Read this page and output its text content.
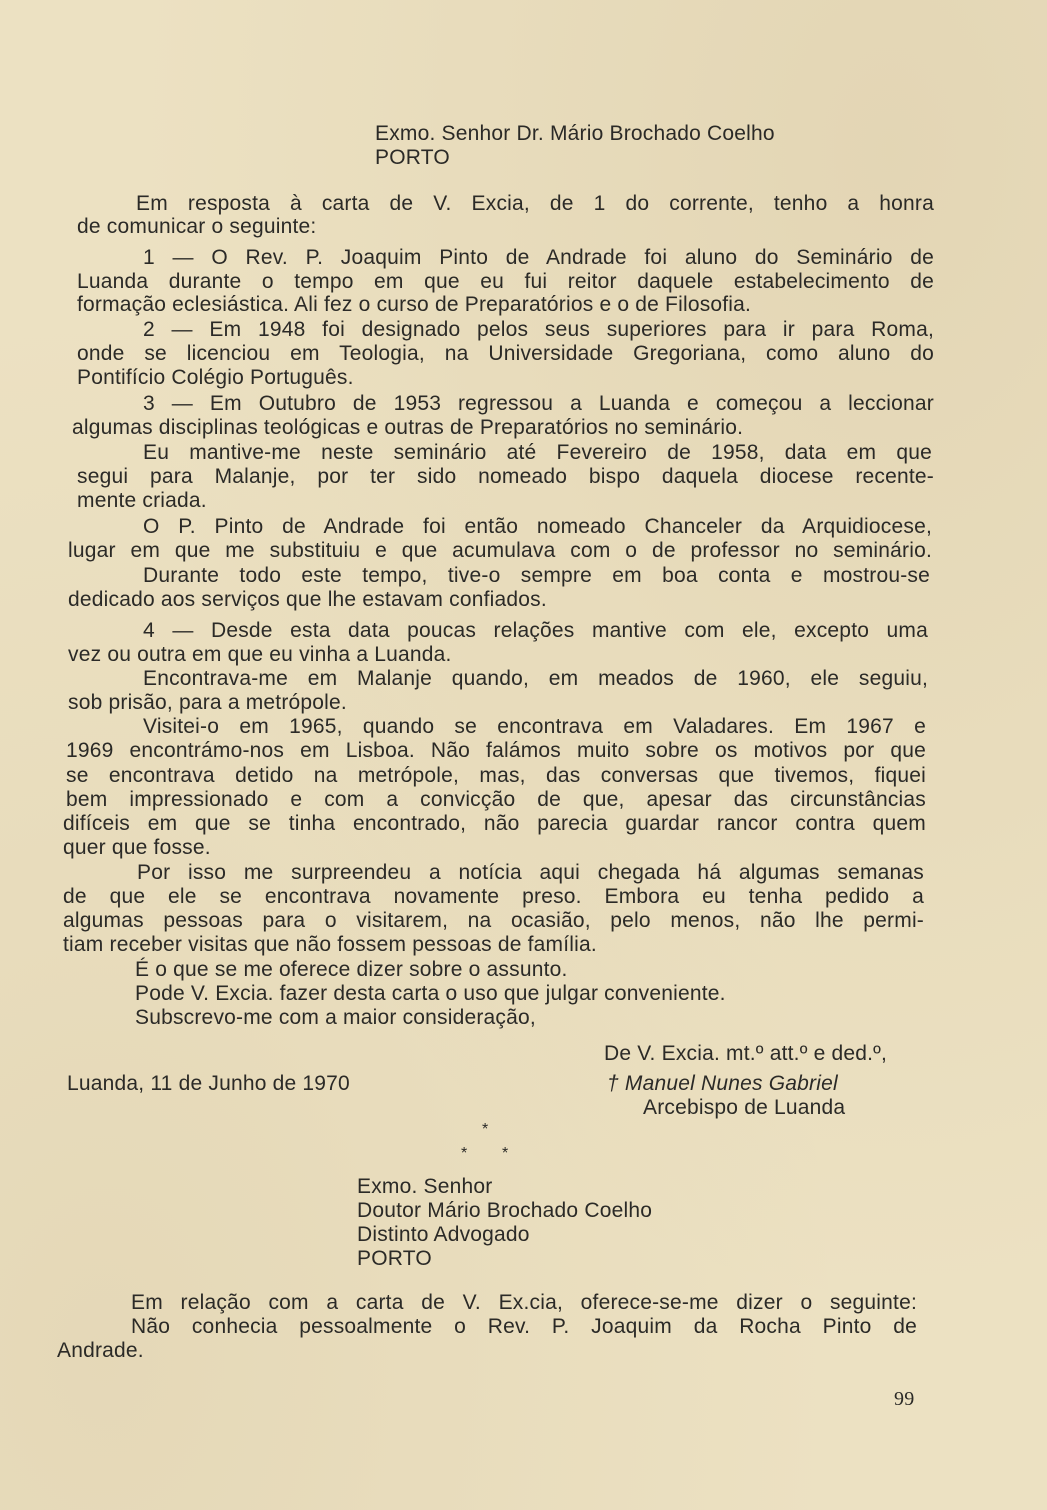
Exmo. Senhor Dr. Mário Brochado Coelho
PORTO
Em resposta à carta de V. Excia, de 1 do corrente, tenho a honra
de comunicar o seguinte:
1 — O Rev. P. Joaquim Pinto de Andrade foi aluno do Seminário de
Luanda durante o tempo em que eu fui reitor daquele estabelecimento de
formação eclesiástica. Ali fez o curso de Preparatórios e o de Filosofia.
2 — Em 1948 foi designado pelos seus superiores para ir para Roma,
onde se licenciou em Teologia, na Universidade Gregoriana, como aluno do
Pontifício Colégio Português.
3 — Em Outubro de 1953 regressou a Luanda e começou a leccionar
algumas disciplinas teológicas e outras de Preparatórios no seminário.
Eu mantive-me neste seminário até Fevereiro de 1958, data em que
segui para Malanje, por ter sido nomeado bispo daquela diocese recente-
mente criada.
O P. Pinto de Andrade foi então nomeado Chanceler da Arquidiocese,
lugar em que me substituiu e que acumulava com o de professor no seminário.
Durante todo este tempo, tive-o sempre em boa conta e mostrou-se
dedicado aos serviços que lhe estavam confiados.
4 — Desde esta data poucas relações mantive com ele, excepto uma
vez ou outra em que eu vinha a Luanda.
Encontrava-me em Malanje quando, em meados de 1960, ele seguiu,
sob prisão, para a metrópole.
Visitei-o em 1965, quando se encontrava em Valadares. Em 1967 e
1969 encontrámo-nos em Lisboa. Não falámos muito sobre os motivos por que
se encontrava detido na metrópole, mas, das conversas que tivemos, fiquei
bem impressionado e com a convicção de que, apesar das circunstâncias
difíceis em que se tinha encontrado, não parecia guardar rancor contra quem
quer que fosse.
Por isso me surpreendeu a notícia aqui chegada há algumas semanas
de que ele se encontrava novamente preso. Embora eu tenha pedido a
algumas pessoas para o visitarem, na ocasião, pelo menos, não lhe permi-
tiam receber visitas que não fossem pessoas de família.
É o que se me oferece dizer sobre o assunto.
Pode V. Excia. fazer desta carta o uso que julgar conveniente.
Subscrevo-me com a maior consideração,
De V. Excia. mt.º att.º e ded.º,
Luanda, 11 de Junho de 1970	† Manuel Nunes Gabriel
Arcebispo de Luanda
*
* *
Exmo. Senhor
Doutor Mário Brochado Coelho
Distinto Advogado
PORTO
Em relação com a carta de V. Ex.cia, oferece-se-me dizer o seguinte:
Não conhecia pessoalmente o Rev. P. Joaquim da Rocha Pinto de
Andrade.
99
